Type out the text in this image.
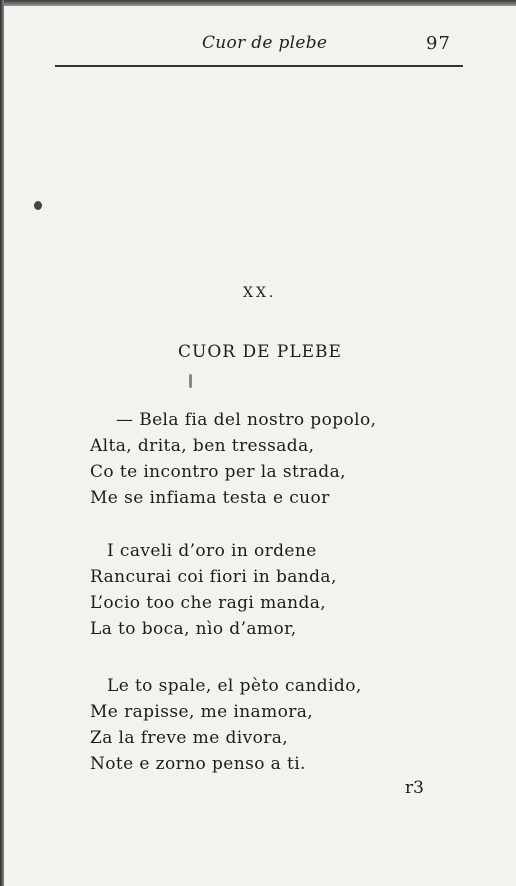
Cuor de plebe	97
XX.
CUOR DE PLEBE
— Bela fia del nostro popolo,
Alta, drita, ben tressada,
Co te incontro per la strada,
Me se infiama testa e cuor
I caveli d’oro in ordene
Rancurai coi fiori in banda,
L’ocio too che ragi manda,
La to boca, nìo d’amor,
Le to spale, el pèto candido,
Me rapisse, me inamora,
Za la freve me divora,
Note e zorno penso a ti.
r3
